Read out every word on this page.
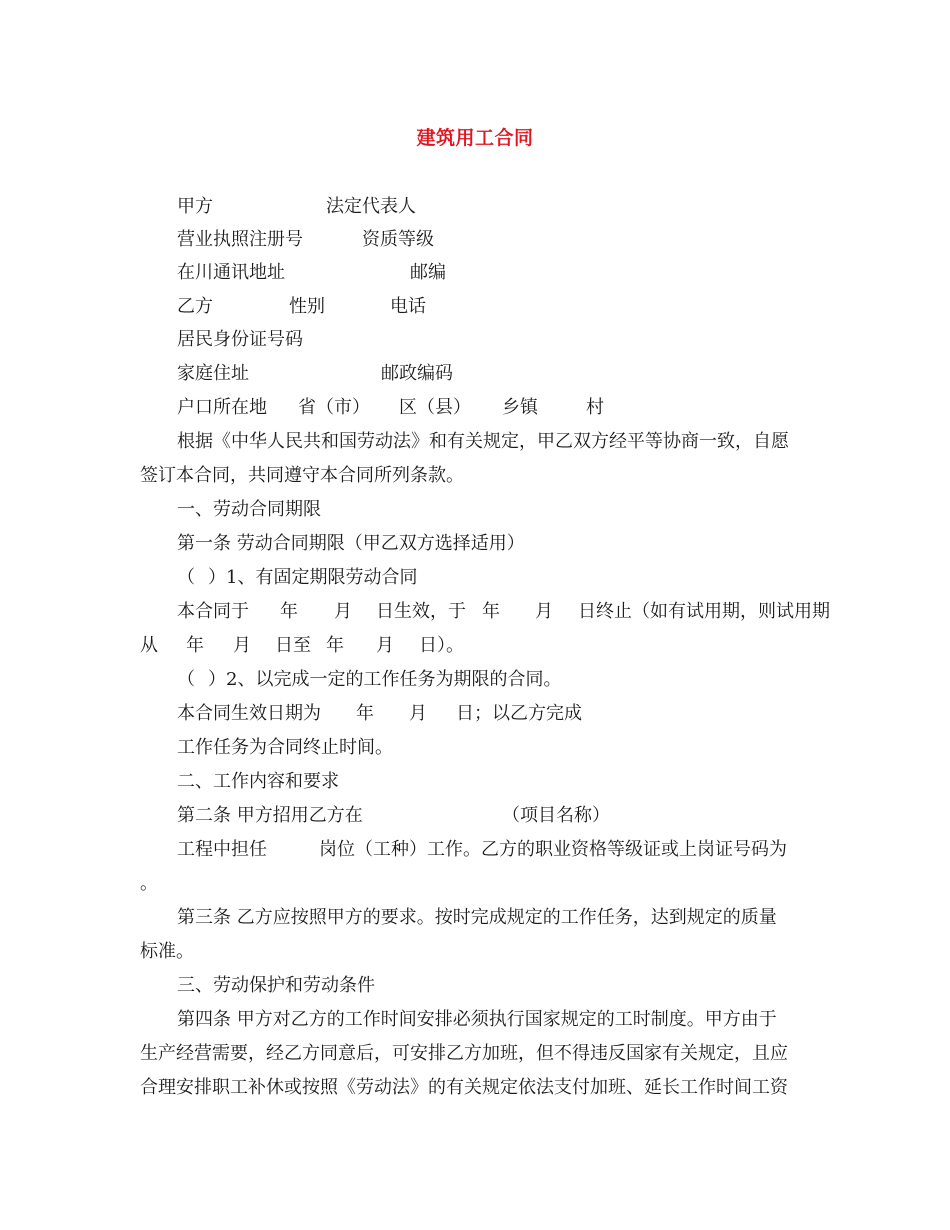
建筑用工合同
甲方	法定代表人
营业执照注册号	资质等级
在川通讯地址	邮编
乙方	性别	电话
居民身份证号码
家庭住址	邮政编码
户口所在地 省（市） 区（县） 乡镇	村
根据《中华人民共和国劳动法》和有关规定，甲乙双方经平等协商一致，自愿
签订本合同，共同遵守本合同所列条款。
一、劳动合同期限
第一条 劳动合同期限（甲乙双方选择适用）
（ ）1、有固定期限劳动合同
本合同于 年 月 日生效，于 年 月 日终止（如有试用期，则试用期
从 年 月 日至 年 月 日）。
（ ）2、以完成一定的工作任务为期限的合同。
本合同生效日期为 年 月 日；以乙方完成
工作任务为合同终止时间。
二、工作内容和要求
第二条 甲方招用乙方在	（项目名称）
工程中担任	岗位（工种）工作。乙方的职业资格等级证或上岗证号码为
。
第三条 乙方应按照甲方的要求。按时完成规定的工作任务，达到规定的质量
标准。
三、劳动保护和劳动条件
第四条 甲方对乙方的工作时间安排必须执行国家规定的工时制度。甲方由于
生产经营需要，经乙方同意后，可安排乙方加班，但不得违反国家有关规定，且应
合理安排职工补休或按照《劳动法》的有关规定依法支付加班、延长工作时间工资
